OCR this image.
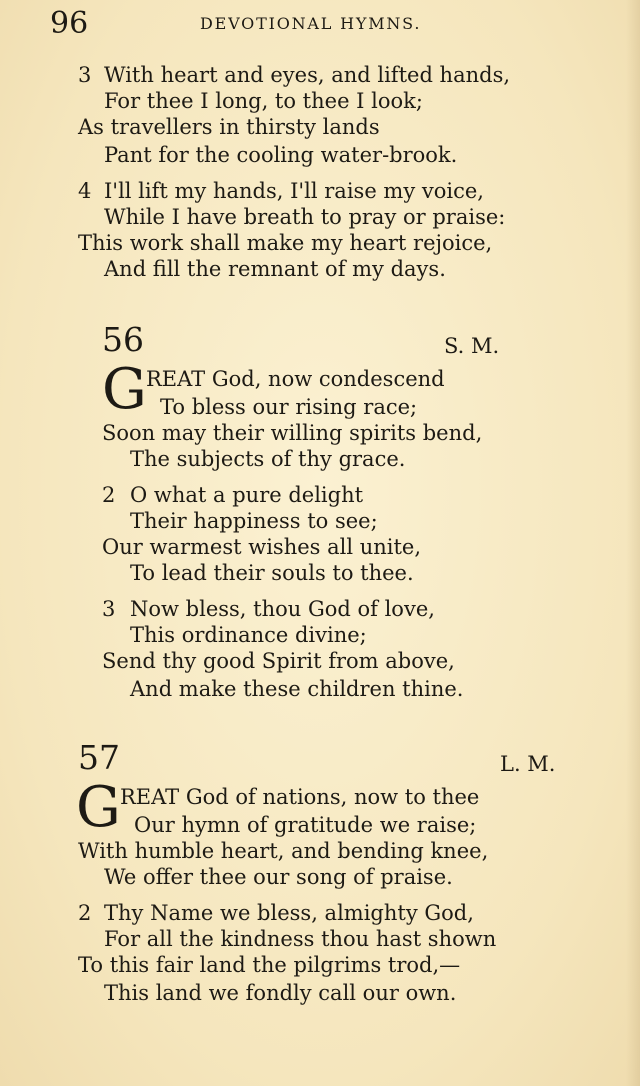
96	DEVOTIONAL HYMNS.
3 With heart and eyes, and lifted hands,
For thee I long, to thee I look;
As travellers in thirsty lands
Pant for the cooling water-brook.
4 I'll lift my hands, I'll raise my voice,
While I have breath to pray or praise:
This work shall make my heart rejoice,
And fill the remnant of my days.
56	S. M.
G REAT God, now condescend
To bless our rising race;
Soon may their willing spirits bend,
The subjects of thy grace.
2 O what a pure delight
Their happiness to see;
Our warmest wishes all unite,
To lead their souls to thee.
3 Now bless, thou God of love,
This ordinance divine;
Send thy good Spirit from above,
And make these children thine.
57	L. M.
G REAT God of nations, now to thee
Our hymn of gratitude we raise;
With humble heart, and bending knee,
We offer thee our song of praise.
2 Thy Name we bless, almighty God,
For all the kindness thou hast shown
To this fair land the pilgrims trod,—
This land we fondly call our own.
